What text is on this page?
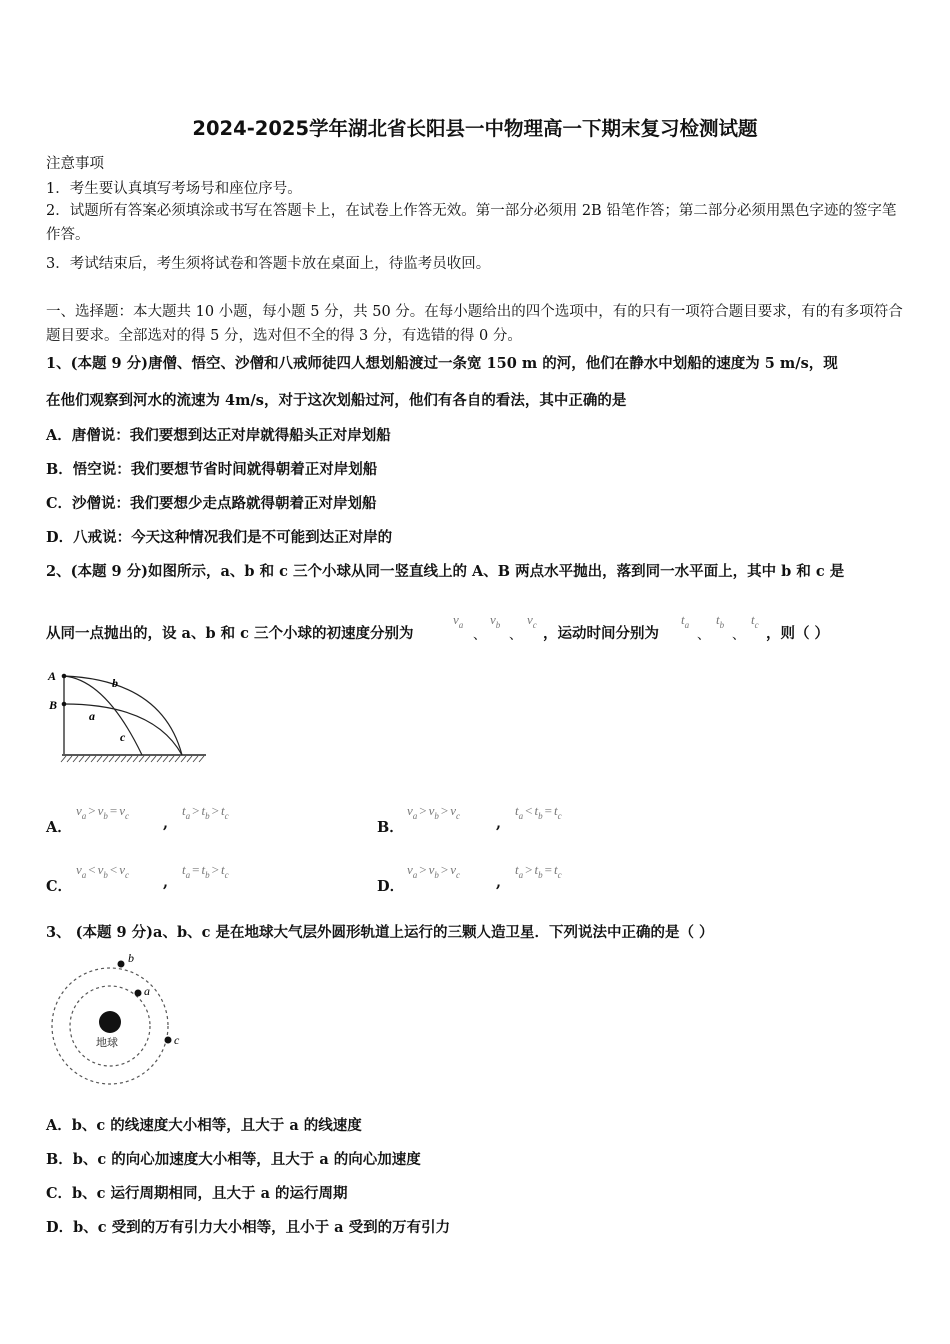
2024-2025学年湖北省长阳县一中物理高一下期末复习检测试题
注意事项
1．考生要认真填写考场号和座位序号。
2．试题所有答案必须填涂或书写在答题卡上，在试卷上作答无效。第一部分必须用 2B 铅笔作答；第二部分必须用黑色字迹的签字笔作答。
3．考试结束后，考生须将试卷和答题卡放在桌面上，待监考员收回。
一、选择题：本大题共 10 小题，每小题 5 分，共 50 分。在每小题给出的四个选项中，有的只有一项符合题目要求，有的有多项符合题目要求。全部选对的得 5 分，选对但不全的得 3 分，有选错的得 0 分。
1、(本题 9 分)唐僧、悟空、沙僧和八戒师徒四人想划船渡过一条宽 150 m 的河，他们在静水中划船的速度为 5 m/s，现
在他们观察到河水的流速为 4m/s，对于这次划船过河，他们有各自的看法，其中正确的是
A．唐僧说：我们要想到达正对岸就得船头正对岸划船
B．悟空说：我们要想节省时间就得朝着正对岸划船
C．沙僧说：我们要想少走点路就得朝着正对岸划船
D．八戒说：今天这种情况我们是不可能到达正对岸的
2、(本题 9 分)如图所示，a、b 和 c 三个小球从同一竖直线上的 A、B 两点水平抛出，落到同一水平面上，其中 b 和 c 是
从同一点抛出的，设 a、b 和 c 三个小球的初速度分别为
$v_a$
、
$v_b$
、
$v_c$ ，运动时间分别为
$t_a$
、
$t_b$
、
$t_c$ ，则（ ）
A
B
b
a
c
A．
$v_a > v_b = v_c$ ,
$t_a > t_b > t_c$
B．
$v_a > v_b > v_c$ ,
$t_a < t_b = t_c$
C．
$v_a < v_b < v_c$ ,
$t_a = t_b > t_c$
D．
$v_a > v_b > v_c$ ,
$t_a > t_b = t_c$
3、 (本题 9 分)a、b、c 是在地球大气层外圆形轨道上运行的三颗人造卫星．下列说法中正确的是（ ）
地球
b
a
c
A．b、c 的线速度大小相等，且大于 a 的线速度
B．b、c 的向心加速度大小相等，且大于 a 的向心加速度
C．b、c 运行周期相同，且大于 a 的运行周期
D．b、c 受到的万有引力大小相等，且小于 a 受到的万有引力
